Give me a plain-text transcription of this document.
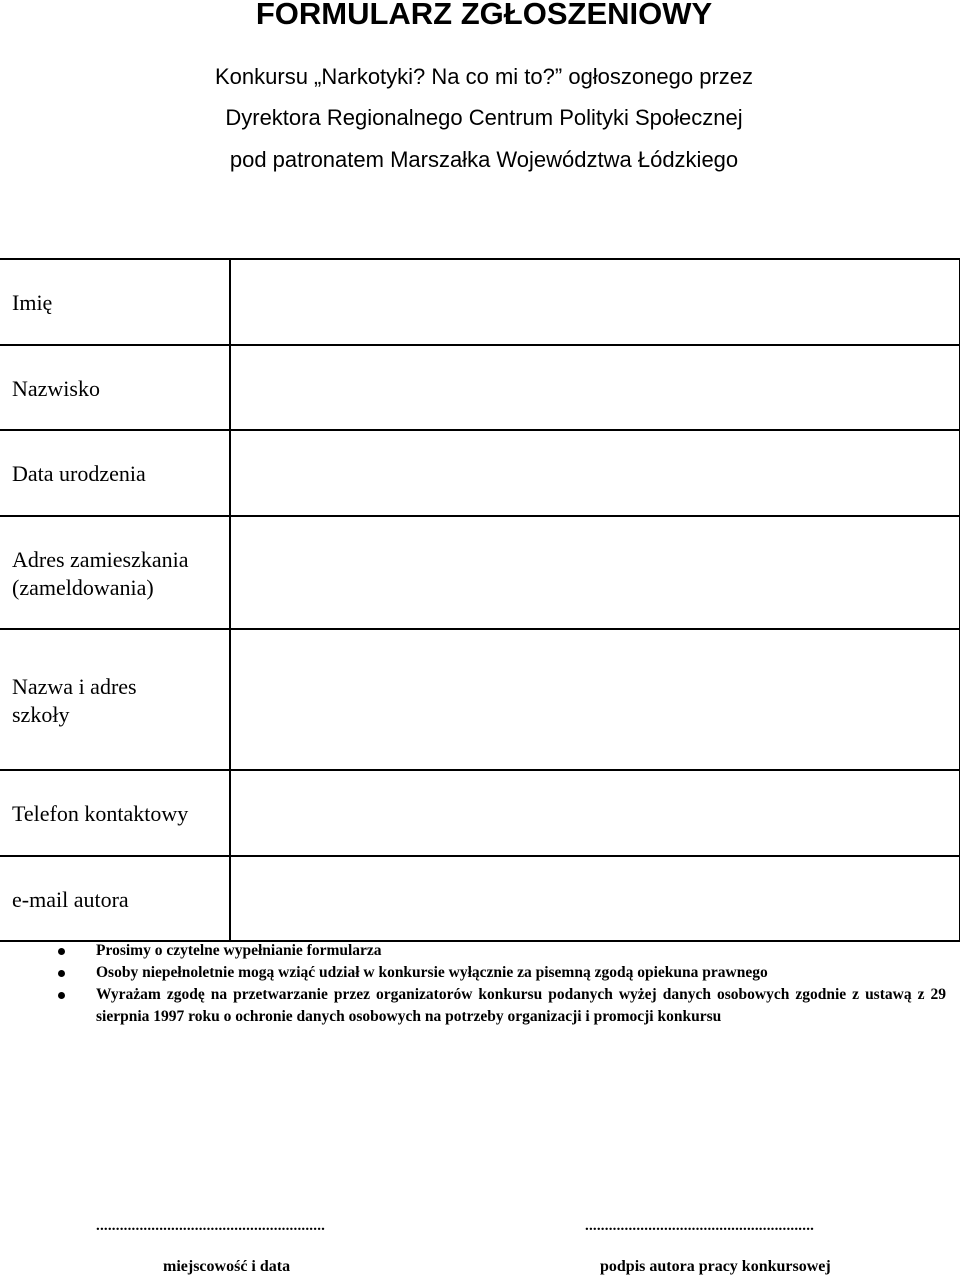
FORMULARZ ZGŁOSZENIOWY
Konkursu „Narkotyki? Na co mi to?” ogłoszonego przez
Dyrektora Regionalnego Centrum Polityki Społecznej
pod patronatem Marszałka Województwa Łódzkiego
Imię	
Nazwisko	
Data urodzenia	

Adres zamieszkania
(zameldowania)	

Nazwa i adres
szkoły	

Telefon kontaktowy	
e-mail autora	
Prosimy o czytelne wypełnianie formularza
Osoby niepełnoletnie mogą wziąć udział w konkursie wyłącznie za pisemną zgodą opiekuna prawnego
Wyrażam zgodę na przetwarzanie przez organizatorów konkursu podanych wyżej danych osobowych zgodnie z ustawą z 29 sierpnia 1997 roku o ochronie danych osobowych na potrzeby organizacji i promocji konkursu
..........................................................	..........................................................
miejscowość i data	podpis autora pracy konkursowej
